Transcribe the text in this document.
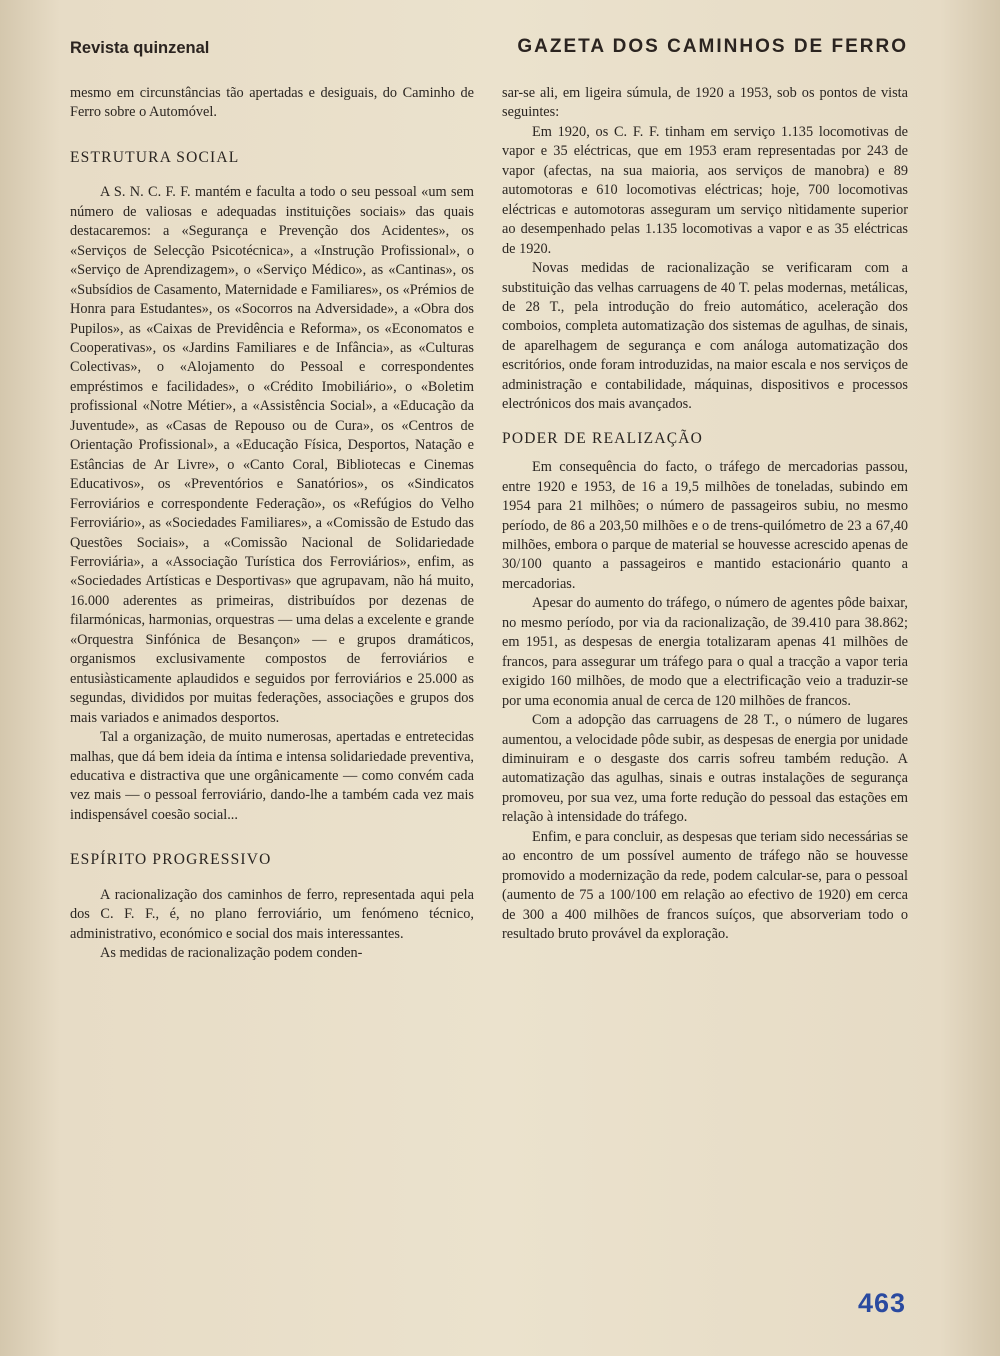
Revista quinzenal	GAZETA DOS CAMINHOS DE FERRO

mesmo em circunstâncias tão apertadas e desiguais, do Caminho de Ferro sobre o Automóvel.

ESTRUTURA SOCIAL

A S. N. C. F. F. mantém e faculta a todo o seu pessoal «um sem número de valiosas e adequadas instituições sociais» das quais destacaremos: a «Segurança e Prevenção dos Acidentes», os «Serviços de Selecção Psicotécnica», a «Instrução Profissional», o «Serviço de Aprendizagem», o «Serviço Médico», as «Cantinas», os «Subsídios de Casamento, Maternidade e Familiares», os «Prémios de Honra para Estudantes», os «Socorros na Adversidade», a «Obra dos Pupilos», as «Caixas de Previdência e Reforma», os «Economatos e Cooperativas», os «Jardins Familiares e de Infância», as «Culturas Colectivas», o «Alojamento do Pessoal e correspondentes empréstimos e facilidades», o «Crédito Imobiliário», o «Boletim profissional «Notre Métier», a «Assistência Social», a «Educação da Juventude», as «Casas de Repouso ou de Cura», os «Centros de Orientação Profissional», a «Educação Física, Desportos, Natação e Estâncias de Ar Livre», o «Canto Coral, Bibliotecas e Cinemas Educativos», os «Preventórios e Sanatórios», os «Sindicatos Ferroviários e correspondente Federação», os «Refúgios do Velho Ferroviário», as «Sociedades Familiares», a «Comissão de Estudo das Questões Sociais», a «Comissão Nacional de Solidariedade Ferroviária», a «Associação Turística dos Ferroviários», enfim, as «Sociedades Artísticas e Desportivas» que agrupavam, não há muito, 16.000 aderentes as primeiras, distribuídos por dezenas de filarmónicas, harmonias, orquestras — uma delas a excelente e grande «Orquestra Sinfónica de Besançon» — e grupos dramáticos, organismos exclusivamente compostos de ferroviários e entusiàsticamente aplaudidos e seguidos por ferroviários e 25.000 as segundas, divididos por muitas federações, associações e grupos dos mais variados e animados desportos.

Tal a organização, de muito numerosas, apertadas e entretecidas malhas, que dá bem ideia da íntima e intensa solidariedade preventiva, educativa e distractiva que une orgânicamente — como convém cada vez mais — o pessoal ferroviário, dando-lhe a também cada vez mais indispensável coesão social...

ESPÍRITO PROGRESSIVO

A racionalização dos caminhos de ferro, representada aqui pela dos C. F. F., é, no plano ferroviário, um fenómeno técnico, administrativo, económico e social dos mais interessantes.

As medidas de racionalização podem conden-

sar-se ali, em ligeira súmula, de 1920 a 1953, sob os pontos de vista seguintes:

Em 1920, os C. F. F. tinham em serviço 1.135 locomotivas de vapor e 35 eléctricas, que em 1953 eram representadas por 243 de vapor (afectas, na sua maioria, aos serviços de manobra) e 89 automotoras e 610 locomotivas eléctricas; hoje, 700 locomotivas eléctricas e automotoras asseguram um serviço nìtidamente superior ao desempenhado pelas 1.135 locomotivas a vapor e as 35 eléctricas de 1920.

Novas medidas de racionalização se verificaram com a substituição das velhas carruagens de 40 T. pelas modernas, metálicas, de 28 T., pela introdução do freio automático, aceleração dos comboios, completa automatização dos sistemas de agulhas, de sinais, de aparelhagem de segurança e com análoga automatização dos escritórios, onde foram introduzidas, na maior escala e nos serviços de administração e contabilidade, máquinas, dispositivos e processos electrónicos dos mais avançados.

PODER DE REALIZAÇÃO

Em consequência do facto, o tráfego de mercadorias passou, entre 1920 e 1953, de 16 a 19,5 milhões de toneladas, subindo em 1954 para 21 milhões; o número de passageiros subiu, no mesmo período, de 86 a 203,50 milhões e o de trens-quilómetro de 23 a 67,40 milhões, embora o parque de material se houvesse acrescido apenas de 30/100 quanto a passageiros e mantido estacionário quanto a mercadorias.

Apesar do aumento do tráfego, o número de agentes pôde baixar, no mesmo período, por via da racionalização, de 39.410 para 38.862; em 1951, as despesas de energia totalizaram apenas 41 milhões de francos, para assegurar um tráfego para o qual a tracção a vapor teria exigido 160 milhões, de modo que a electrificação veio a traduzir-se por uma economia anual de cerca de 120 milhões de francos.

Com a adopção das carruagens de 28 T., o número de lugares aumentou, a velocidade pôde subir, as despesas de energia por unidade diminuiram e o desgaste dos carris sofreu também redução. A automatização das agulhas, sinais e outras instalações de segurança promoveu, por sua vez, uma forte redução do pessoal das estações em relação à intensidade do tráfego.

Enfim, e para concluir, as despesas que teriam sido necessárias se ao encontro de um possível aumento de tráfego não se houvesse promovido a modernização da rede, podem calcular-se, para o pessoal (aumento de 75 a 100/100 em relação ao efectivo de 1920) em cerca de 300 a 400 milhões de francos suíços, que absorveriam todo o resultado bruto provável da exploração.

463
